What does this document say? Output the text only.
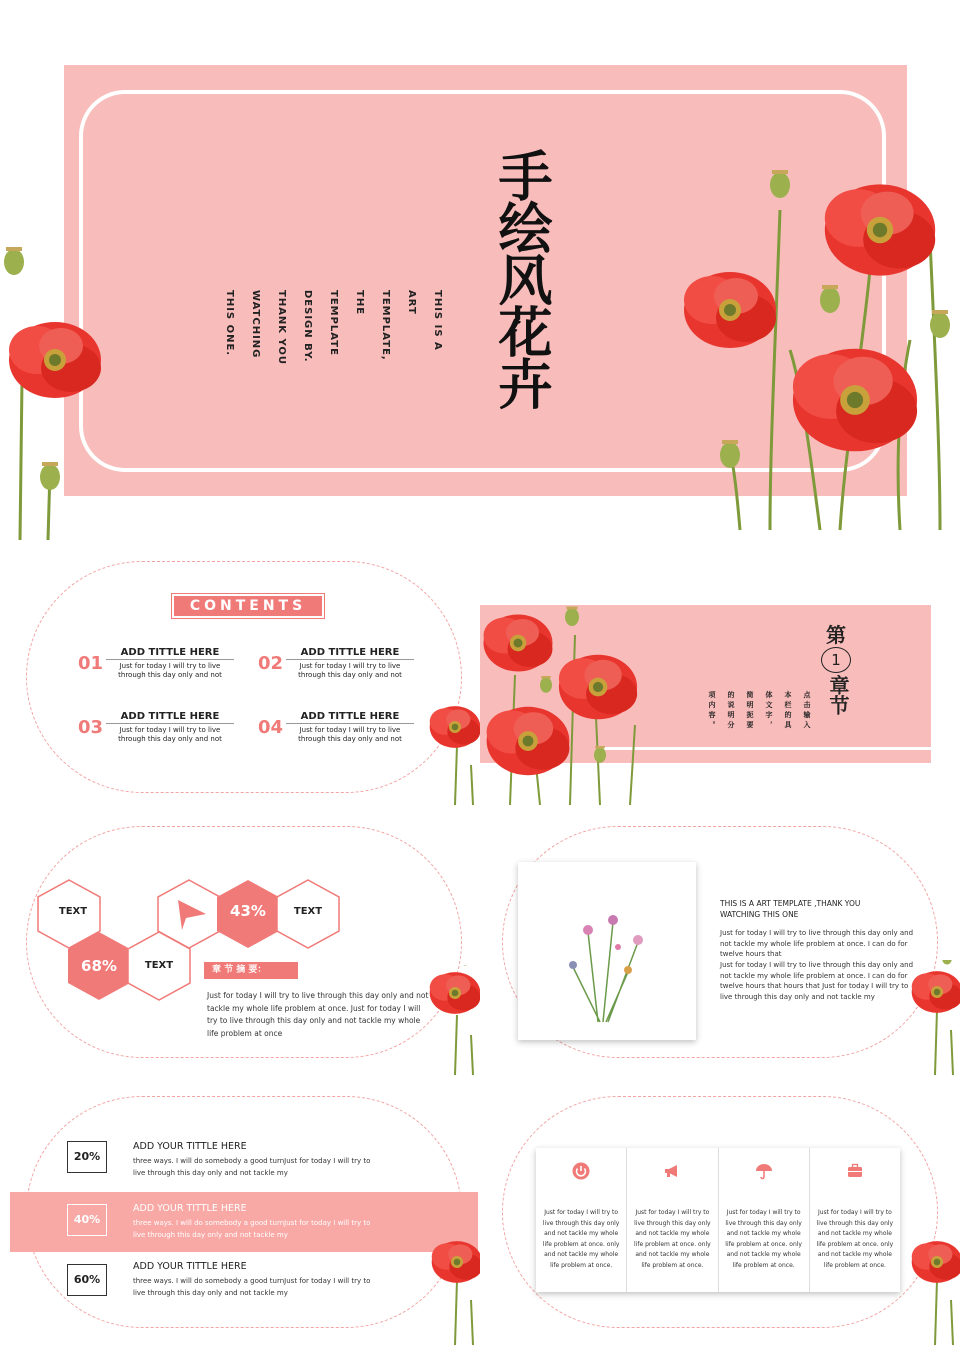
手绘风花卉
THIS IS A
ART
TEMPLATE,
THE
TEMPLATE
DESIGN BY.
THANK YOU
WATCHING
THIS ONE.
CONTENTS
01
ADD TITTLE HERE
Just for today I will try to live through this day only and not
02
ADD TITTLE HERE
Just for today I will try to live through this day only and not
03
ADD TITTLE HERE
Just for today I will try to live through this day only and not
04
ADD TITTLE HERE
Just for today I will try to live through this day only and not
第
1
章节
点击输入
本栏的具
体文字，
简明扼要
的说明分
项内容。
TEXT	43%	TEXT
68%	TEXT	章 节 摘 要：
Just for today I will try to live through this day only and not tackle my whole life problem at once. Just for today I will try to live through this day only and not tackle my whole life problem at once
THIS IS A ART TEMPLATE ,THANK YOU WATCHING THIS ONE
Just for today I will try to live through this day only and not tackle my whole life problem at once. I can do for twelve hours that
Just for today I will try to live through this day only and not tackle my whole life problem at once. I can do for twelve hours that hours that Just for today I will try to live through this day only and not tackle my
20%
ADD YOUR TITTLE HERE
three ways. I will do somebody a good turnJust for today I will try to live through this day only and not tackle my
40%
ADD YOUR TITTLE HERE
three ways. I will do somebody a good turnJust for today I will try to live through this day only and not tackle my
60%
ADD YOUR TITTLE HERE
three ways. I will do somebody a good turnJust for today I will try to live through this day only and not tackle my
Just for today I will try to live through this day only and not tackle my whole life problem at once. only and not tackle my whole life problem at once.
Just for today I will try to live through this day only and not tackle my whole life problem at once. only and not tackle my whole life problem at once.
Just for today I will try to live through this day only and not tackle my whole life problem at once. only and not tackle my whole life problem at once.
Just for today I will try to live through this day only and not tackle my whole life problem at once. only and not tackle my whole life problem at once.
